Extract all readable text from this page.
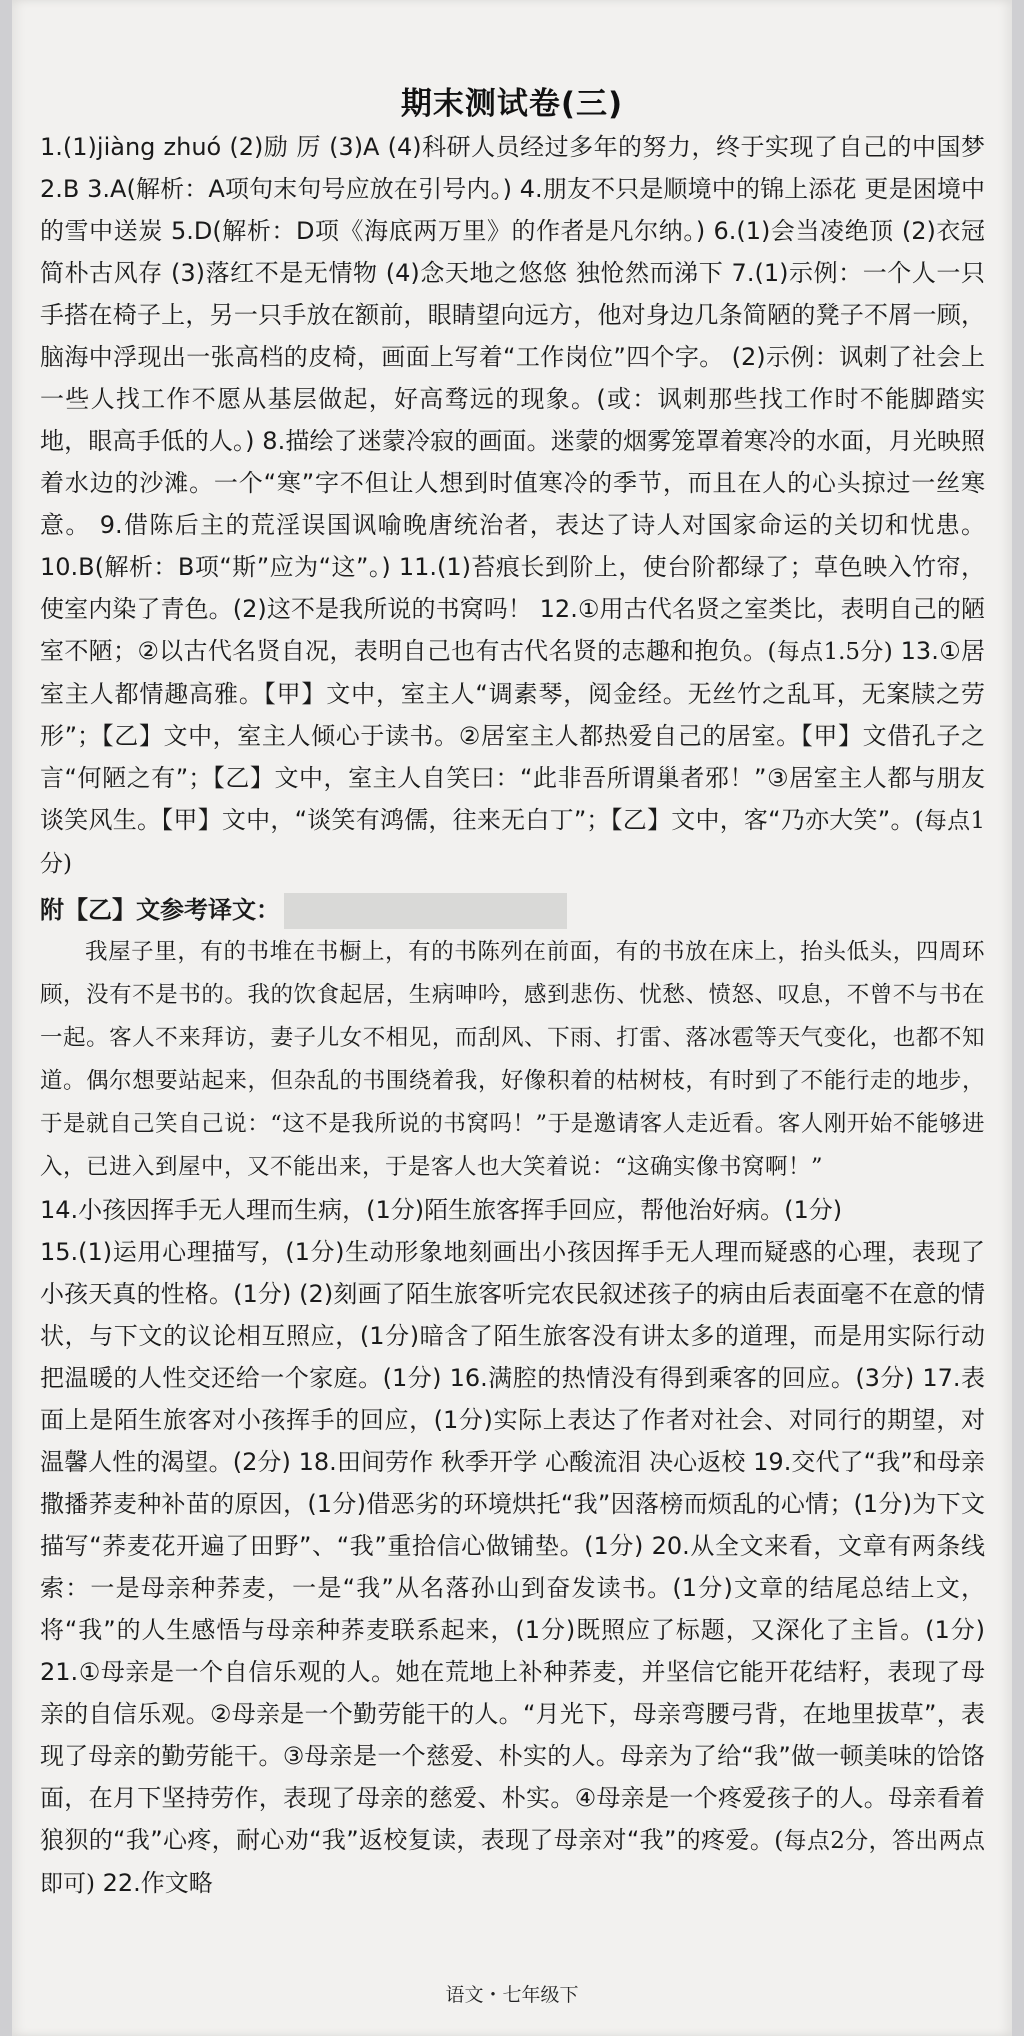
期末测试卷(三)

1.(1)jiàng zhuó (2)励 厉 (3)A (4)科研人员经过多年的努力，终于实现了自己的中国梦 2.B 3.A(解析：A项句末句号应放在引号内。) 4.朋友不只是顺境中的锦上添花 更是困境中的雪中送炭 5.D(解析：D项《海底两万里》的作者是凡尔纳。) 6.(1)会当凌绝顶 (2)衣冠简朴古风存 (3)落红不是无情物 (4)念天地之悠悠 独怆然而涕下 7.(1)示例：一个人一只手搭在椅子上，另一只手放在额前，眼睛望向远方，他对身边几条简陋的凳子不屑一顾，脑海中浮现出一张高档的皮椅，画面上写着“工作岗位”四个字。 (2)示例：讽刺了社会上一些人找工作不愿从基层做起，好高骛远的现象。(或：讽刺那些找工作时不能脚踏实地，眼高手低的人。) 8.描绘了迷蒙冷寂的画面。迷蒙的烟雾笼罩着寒冷的水面，月光映照着水边的沙滩。一个“寒”字不但让人想到时值寒冷的季节，而且在人的心头掠过一丝寒意。 9.借陈后主的荒淫误国讽喻晚唐统治者，表达了诗人对国家命运的关切和忧患。 10.B(解析：B项“斯”应为“这”。) 11.(1)苔痕长到阶上，使台阶都绿了；草色映入竹帘，使室内染了青色。(2)这不是我所说的书窝吗！ 12.①用古代名贤之室类比，表明自己的陋室不陋；②以古代名贤自况，表明自己也有古代名贤的志趣和抱负。(每点1.5分) 13.①居室主人都情趣高雅。【甲】文中，室主人“调素琴，阅金经。无丝竹之乱耳，无案牍之劳形”；【乙】文中，室主人倾心于读书。②居室主人都热爱自己的居室。【甲】文借孔子之言“何陋之有”；【乙】文中，室主人自笑曰：“此非吾所谓巢者邪！”③居室主人都与朋友谈笑风生。【甲】文中，“谈笑有鸿儒，往来无白丁”；【乙】文中，客“乃亦大笑”。(每点1分)

附【乙】文参考译文：

我屋子里，有的书堆在书橱上，有的书陈列在前面，有的书放在床上，抬头低头，四周环顾，没有不是书的。我的饮食起居，生病呻吟，感到悲伤、忧愁、愤怒、叹息，不曾不与书在一起。客人不来拜访，妻子儿女不相见，而刮风、下雨、打雷、落冰雹等天气变化，也都不知道。偶尔想要站起来，但杂乱的书围绕着我，好像积着的枯树枝，有时到了不能行走的地步，于是就自己笑自己说：“这不是我所说的书窝吗！”于是邀请客人走近看。客人刚开始不能够进入，已进入到屋中，又不能出来，于是客人也大笑着说：“这确实像书窝啊！”

14.小孩因挥手无人理而生病，(1分)陌生旅客挥手回应，帮他治好病。(1分)

15.(1)运用心理描写，(1分)生动形象地刻画出小孩因挥手无人理而疑惑的心理，表现了小孩天真的性格。(1分) (2)刻画了陌生旅客听完农民叙述孩子的病由后表面毫不在意的情状，与下文的议论相互照应，(1分)暗含了陌生旅客没有讲太多的道理，而是用实际行动把温暖的人性交还给一个家庭。(1分) 16.满腔的热情没有得到乘客的回应。(3分) 17.表面上是陌生旅客对小孩挥手的回应，(1分)实际上表达了作者对社会、对同行的期望，对温馨人性的渴望。(2分) 18.田间劳作 秋季开学 心酸流泪 决心返校 19.交代了“我”和母亲撒播荞麦种补苗的原因，(1分)借恶劣的环境烘托“我”因落榜而烦乱的心情；(1分)为下文描写“荞麦花开遍了田野”、“我”重拾信心做铺垫。(1分) 20.从全文来看，文章有两条线索：一是母亲种荞麦，一是“我”从名落孙山到奋发读书。(1分)文章的结尾总结上文，将“我”的人生感悟与母亲种荞麦联系起来，(1分)既照应了标题，又深化了主旨。(1分) 21.①母亲是一个自信乐观的人。她在荒地上补种荞麦，并坚信它能开花结籽，表现了母亲的自信乐观。②母亲是一个勤劳能干的人。“月光下，母亲弯腰弓背，在地里拔草”，表现了母亲的勤劳能干。③母亲是一个慈爱、朴实的人。母亲为了给“我”做一顿美味的饸饹面，在月下坚持劳作，表现了母亲的慈爱、朴实。④母亲是一个疼爱孩子的人。母亲看着狼狈的“我”心疼，耐心劝“我”返校复读，表现了母亲对“我”的疼爱。(每点2分，答出两点即可) 22.作文略

语文・七年级下
